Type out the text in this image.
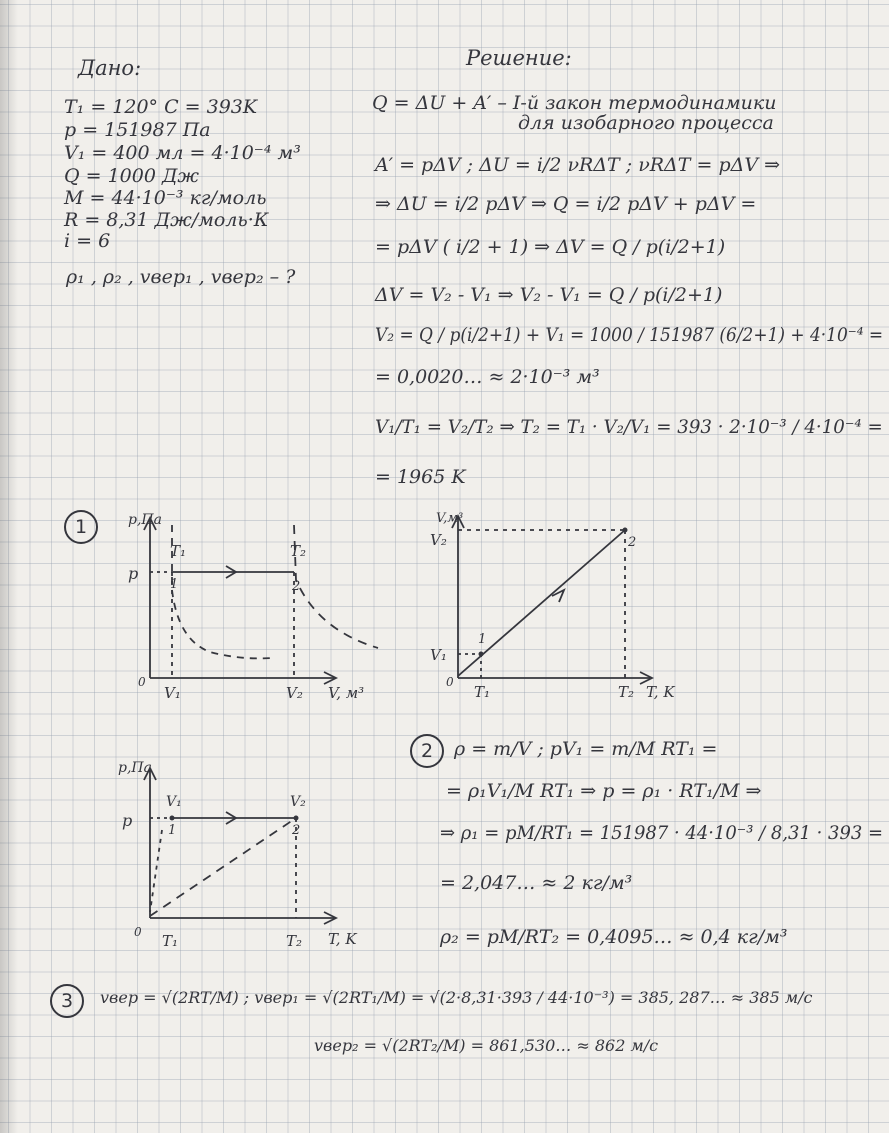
Дано:
T₁ = 120° C = 393K
p = 151987 Па
V₁ = 400 мл = 4·10⁻⁴ м³
Q = 1000 Дж
M = 44·10⁻³ кг/моль
R = 8,31 Дж/моль·К
i = 6
ρ₁ , ρ₂ , vвер₁ , vвер₂ – ?
Решение:
Q = ΔU + A′ – I-й закон термодинамики
для изобарного процесса
A′ = pΔV ; ΔU = i/2 νRΔT ; νRΔT = pΔV ⇒
⇒ ΔU = i/2 pΔV ⇒ Q = i/2 pΔV + pΔV =
= pΔV ( i/2 + 1) ⇒ ΔV = Q / p(i/2+1)
ΔV = V₂ - V₁ ⇒ V₂ - V₁ = Q / p(i/2+1)
V₂ = Q / p(i/2+1) + V₁ = 1000 / 151987 (6/2+1) + 4·10⁻⁴ =
= 0,0020… ≈ 2·10⁻³ м³
V₁/T₁ = V₂/T₂ ⇒ T₂ = T₁ · V₂/V₁ = 393 · 2·10⁻³ / 4·10⁻⁴ =
= 1965 K
1
2
3
p,Па
T₁	T₂
p
1	2
0
V₁	V₂ V, м³
V,м³
V₂
V₁
0
1
2
T₁	T₂ T, K
p,Па
p
V₁	V₂
1	2
0 T₁	T₂ T, K
ρ = m/V ; pV₁ = m/M RT₁ =
= ρ₁V₁/M RT₁ ⇒ p = ρ₁ · RT₁/M ⇒
⇒ ρ₁ = pM/RT₁ = 151987 · 44·10⁻³ / 8,31 · 393 =
= 2,047… ≈ 2 кг/м³
ρ₂ = pM/RT₂ = 0,4095… ≈ 0,4 кг/м³
vвер = √(2RT/M) ; vвер₁ = √(2RT₁/M) = √(2·8,31·393 / 44·10⁻³) = 385, 287… ≈ 385 м/с
vвер₂ = √(2RT₂/M) = 861,530… ≈ 862 м/с
